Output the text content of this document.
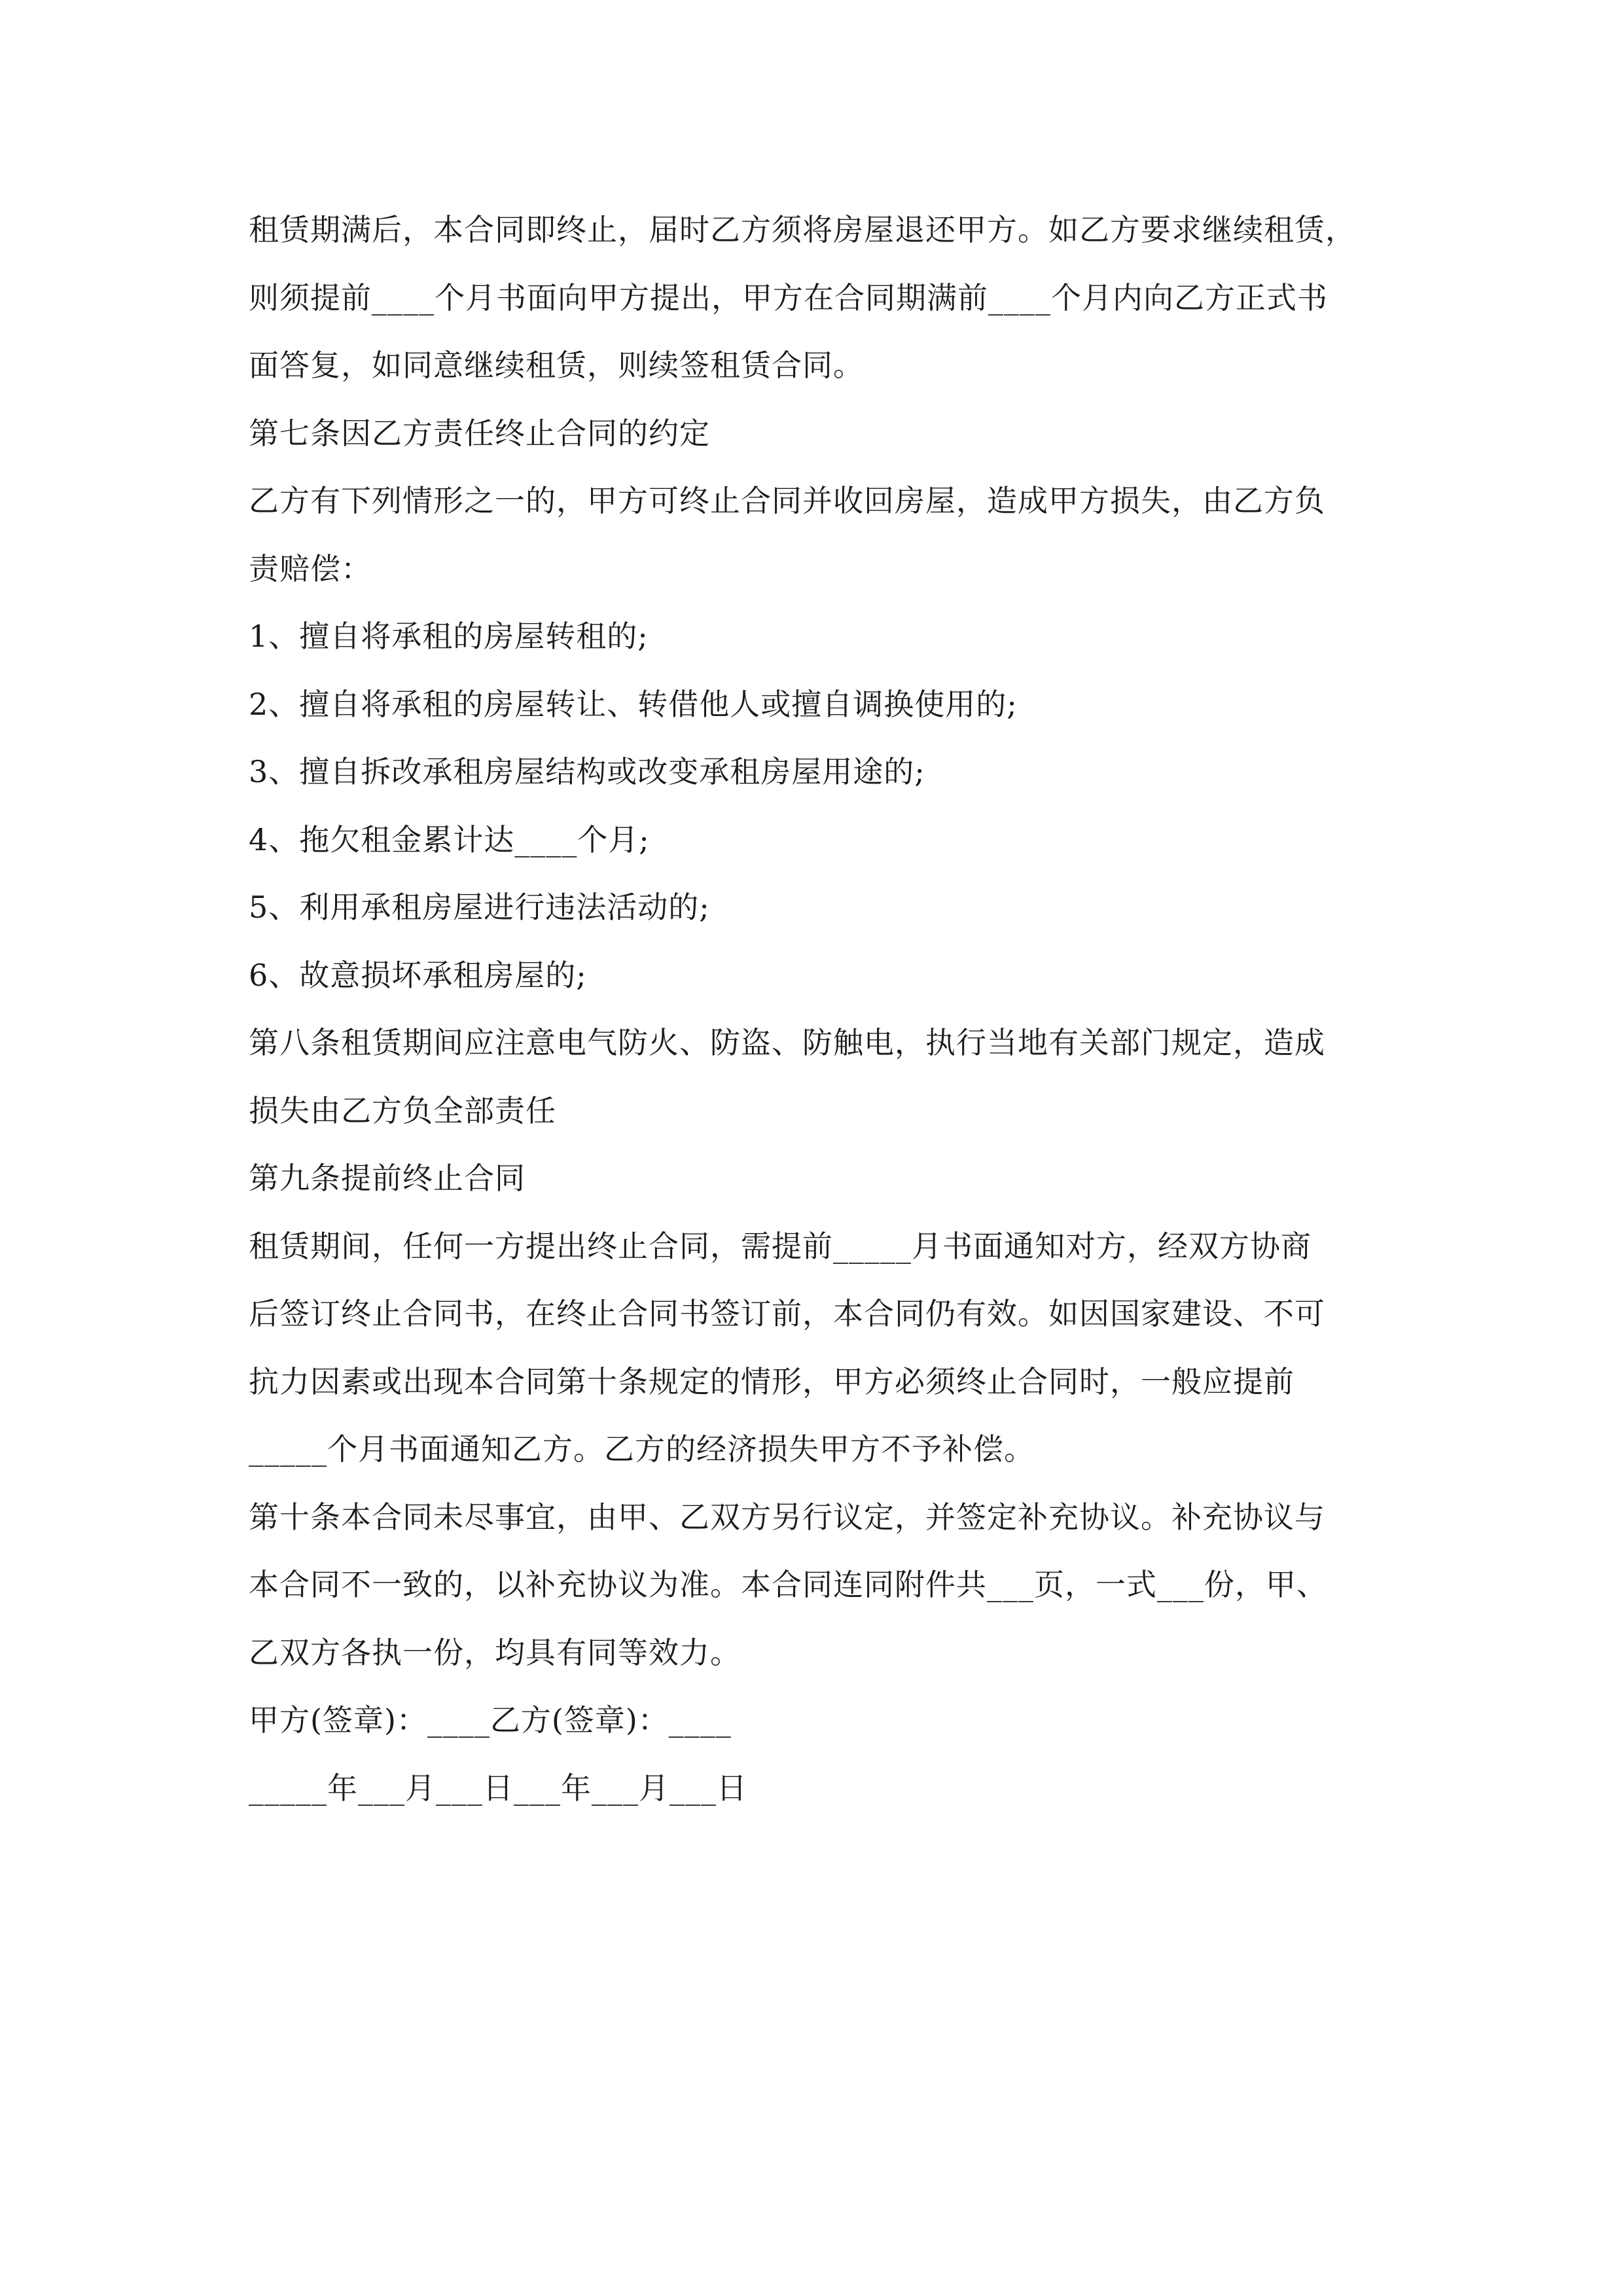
租赁期满后，本合同即终止，届时乙方须将房屋退还甲方。如乙方要求继续租赁，
则须提前____个月书面向甲方提出，甲方在合同期满前____个月内向乙方正式书
面答复，如同意继续租赁，则续签租赁合同。
第七条因乙方责任终止合同的约定
乙方有下列情形之一的，甲方可终止合同并收回房屋，造成甲方损失，由乙方负
责赔偿：
1、擅自将承租的房屋转租的;
2、擅自将承租的房屋转让、转借他人或擅自调换使用的;
3、擅自拆改承租房屋结构或改变承租房屋用途的;
4、拖欠租金累计达____个月;
5、利用承租房屋进行违法活动的;
6、故意损坏承租房屋的;
第八条租赁期间应注意电气防火、防盗、防触电，执行当地有关部门规定，造成
损失由乙方负全部责任
第九条提前终止合同
租赁期间，任何一方提出终止合同，需提前_____月书面通知对方，经双方协商
后签订终止合同书，在终止合同书签订前，本合同仍有效。如因国家建设、不可
抗力因素或出现本合同第十条规定的情形，甲方必须终止合同时，一般应提前
_____个月书面通知乙方。乙方的经济损失甲方不予补偿。
第十条本合同未尽事宜，由甲、乙双方另行议定，并签定补充协议。补充协议与
本合同不一致的，以补充协议为准。本合同连同附件共___页，一式___份，甲、
乙双方各执一份，均具有同等效力。
甲方(签章)：____乙方(签章)：____
_____年___月___日___年___月___日
